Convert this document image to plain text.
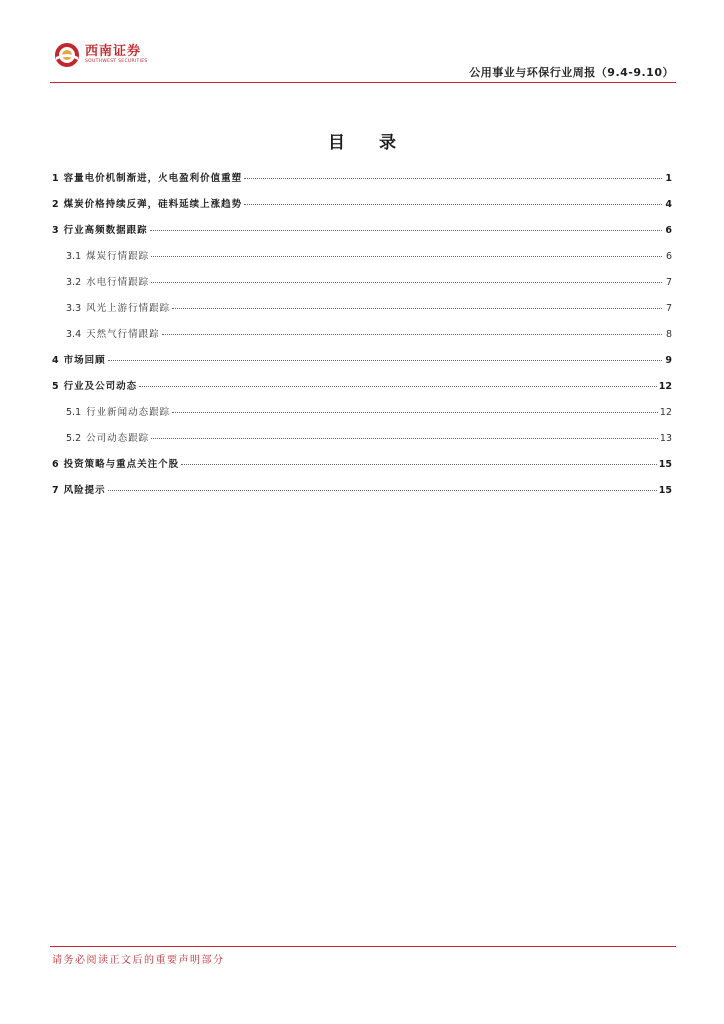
西南证券
SOUTHWEST SECURITIES
公用事业与环保行业周报（9.4-9.10）
目 录
1 容量电价机制渐进，火电盈利价值重塑	1
2 煤炭价格持续反弹，硅料延续上涨趋势	4
3 行业高频数据跟踪	6
3.1 煤炭行情跟踪	6
3.2 水电行情跟踪	7
3.3 风光上游行情跟踪	7
3.4 天然气行情跟踪	8
4 市场回顾	9
5 行业及公司动态	12
5.1 行业新闻动态跟踪	12
5.2 公司动态跟踪	13
6 投资策略与重点关注个股	15
7 风险提示	15
请务必阅读正文后的重要声明部分
